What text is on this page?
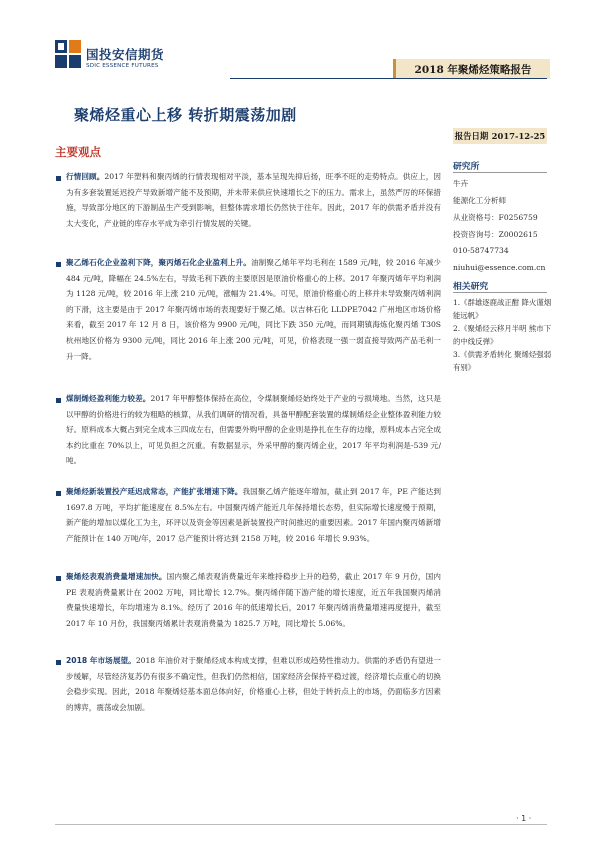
国投安信期货
SDIC ESSENCE FUTURES	2018 年聚烯烃策略报告
聚烯烃重心上移 转折期震荡加剧
报告日期 2017-12-25
主要观点

行情回顾。2017 年塑料和聚丙烯的行情表现相对平淡，基本呈现先抑后扬，旺季不旺的走势特点。供应上，因为有多套装置延迟投产导致新增产能不及预期，并未带来供应快速增长之下的压力。需求上，虽然严厉的环保措施，导致部分地区的下游制品生产受到影响，但整体需求增长仍然快于往年。因此，2017 年的供需矛盾并没有太大变化，产业链的库存水平成为牵引行情发展的关键。

聚乙烯石化企业盈利下降，聚丙烯石化企业盈利上升。油制聚乙烯年平均毛利在 1589 元/吨，较 2016 年减少 484 元/吨，降幅在 24.5%左右，导致毛利下跌的主要原因是原油价格重心的上移。2017 年聚丙烯年平均利润为 1128 元/吨，较 2016 年上涨 210 元/吨，涨幅为 21.4%。可见，原油价格重心的上移并未导致聚丙烯利润的下滑，这主要是由于 2017 年聚丙烯市场的表现要好于聚乙烯。以吉林石化 LLDPE7042 广州地区市场价格来看，截至 2017 年 12 月 8 日，该价格为 9900 元/吨，同比下跌 350 元/吨，而同期镇海炼化聚丙烯 T30S 杭州地区价格为 9300 元/吨，同比 2016 年上涨 200 元/吨，可见，价格表现一强一弱直接导致两产品毛利一升一降。

煤制烯烃盈利能力较差。2017 年甲醇整体保持在高位，令煤制聚烯烃始终处于产业的亏损境地。当然，这只是以甲醇的价格进行的较为粗略的核算，从我们调研的情况看，具备甲醇配套装置的煤制烯烃企业整体盈利能力较好。原料成本大概占到完全成本三四成左右，但需要外购甲醇的企业则是挣扎在生存的边缘，原料成本占完全成本约比重在 70%以上，可见负担之沉重。有数据显示，外采甲醇的聚丙烯企业，2017 年平均利润是-539 元/吨。

聚烯烃新装置投产延迟成常态，产能扩张增速下降。我国聚乙烯产能逐年增加，截止到 2017 年，PE 产能达到 1697.8 万吨，平均扩能速度在 8.5%左右。中国聚丙烯产能近几年保持增长态势，但实际增长速度慢于预期，新产能的增加以煤化工为主，环评以及资金等因素是新装置投产时间推迟的重要因素。2017 年国内聚丙烯新增产能预计在 140 万吨/年，2017 总产能预计将达到 2158 万吨，较 2016 年增长 9.93%。

聚烯烃表观消费量增速加快。国内聚乙烯表观消费量近年来维持稳步上升的趋势，截止 2017 年 9 月份，国内 PE 表观消费量累计在 2002 万吨，同比增长 12.7%。聚丙烯伴随下游产能的增长速度，近五年我国聚丙烯消费量快速增长，年均增速为 8.1%。经历了 2016 年的低速增长后，2017 年聚丙烯消费量增速再度提升，截至 2017 年 10 月份，我国聚丙烯累计表观消费量为 1825.7 万吨，同比增长 5.06%。

2018 年市场展望。2018 年油价对于聚烯烃成本构成支撑，但难以形成趋势性推动力。供需的矛盾仍有望进一步缓解，尽管经济复苏仍有很多不确定性，但我们仍然相信，国家经济会保持平稳过渡，经济增长点重心的切换会稳步实现。因此，2018 年聚烯烃基本面总体向好，价格重心上移，但处于转折点上的市场，仍面临多方因素的博弈，震荡或会加剧。

研究所
牛卉
能源化工分析师
从业资格号：F0256759
投资咨询号：Z0002615
010-58747734
niuhui@essence.com.cn
相关研究

1.《群雄逐鹿战正酣 降火谨烟能远帆》

2.《聚烯烃云移月半明 熊市下的中线反弹》

3.《供需矛盾转化 聚烯烃强弱有别》

· 1 ·
